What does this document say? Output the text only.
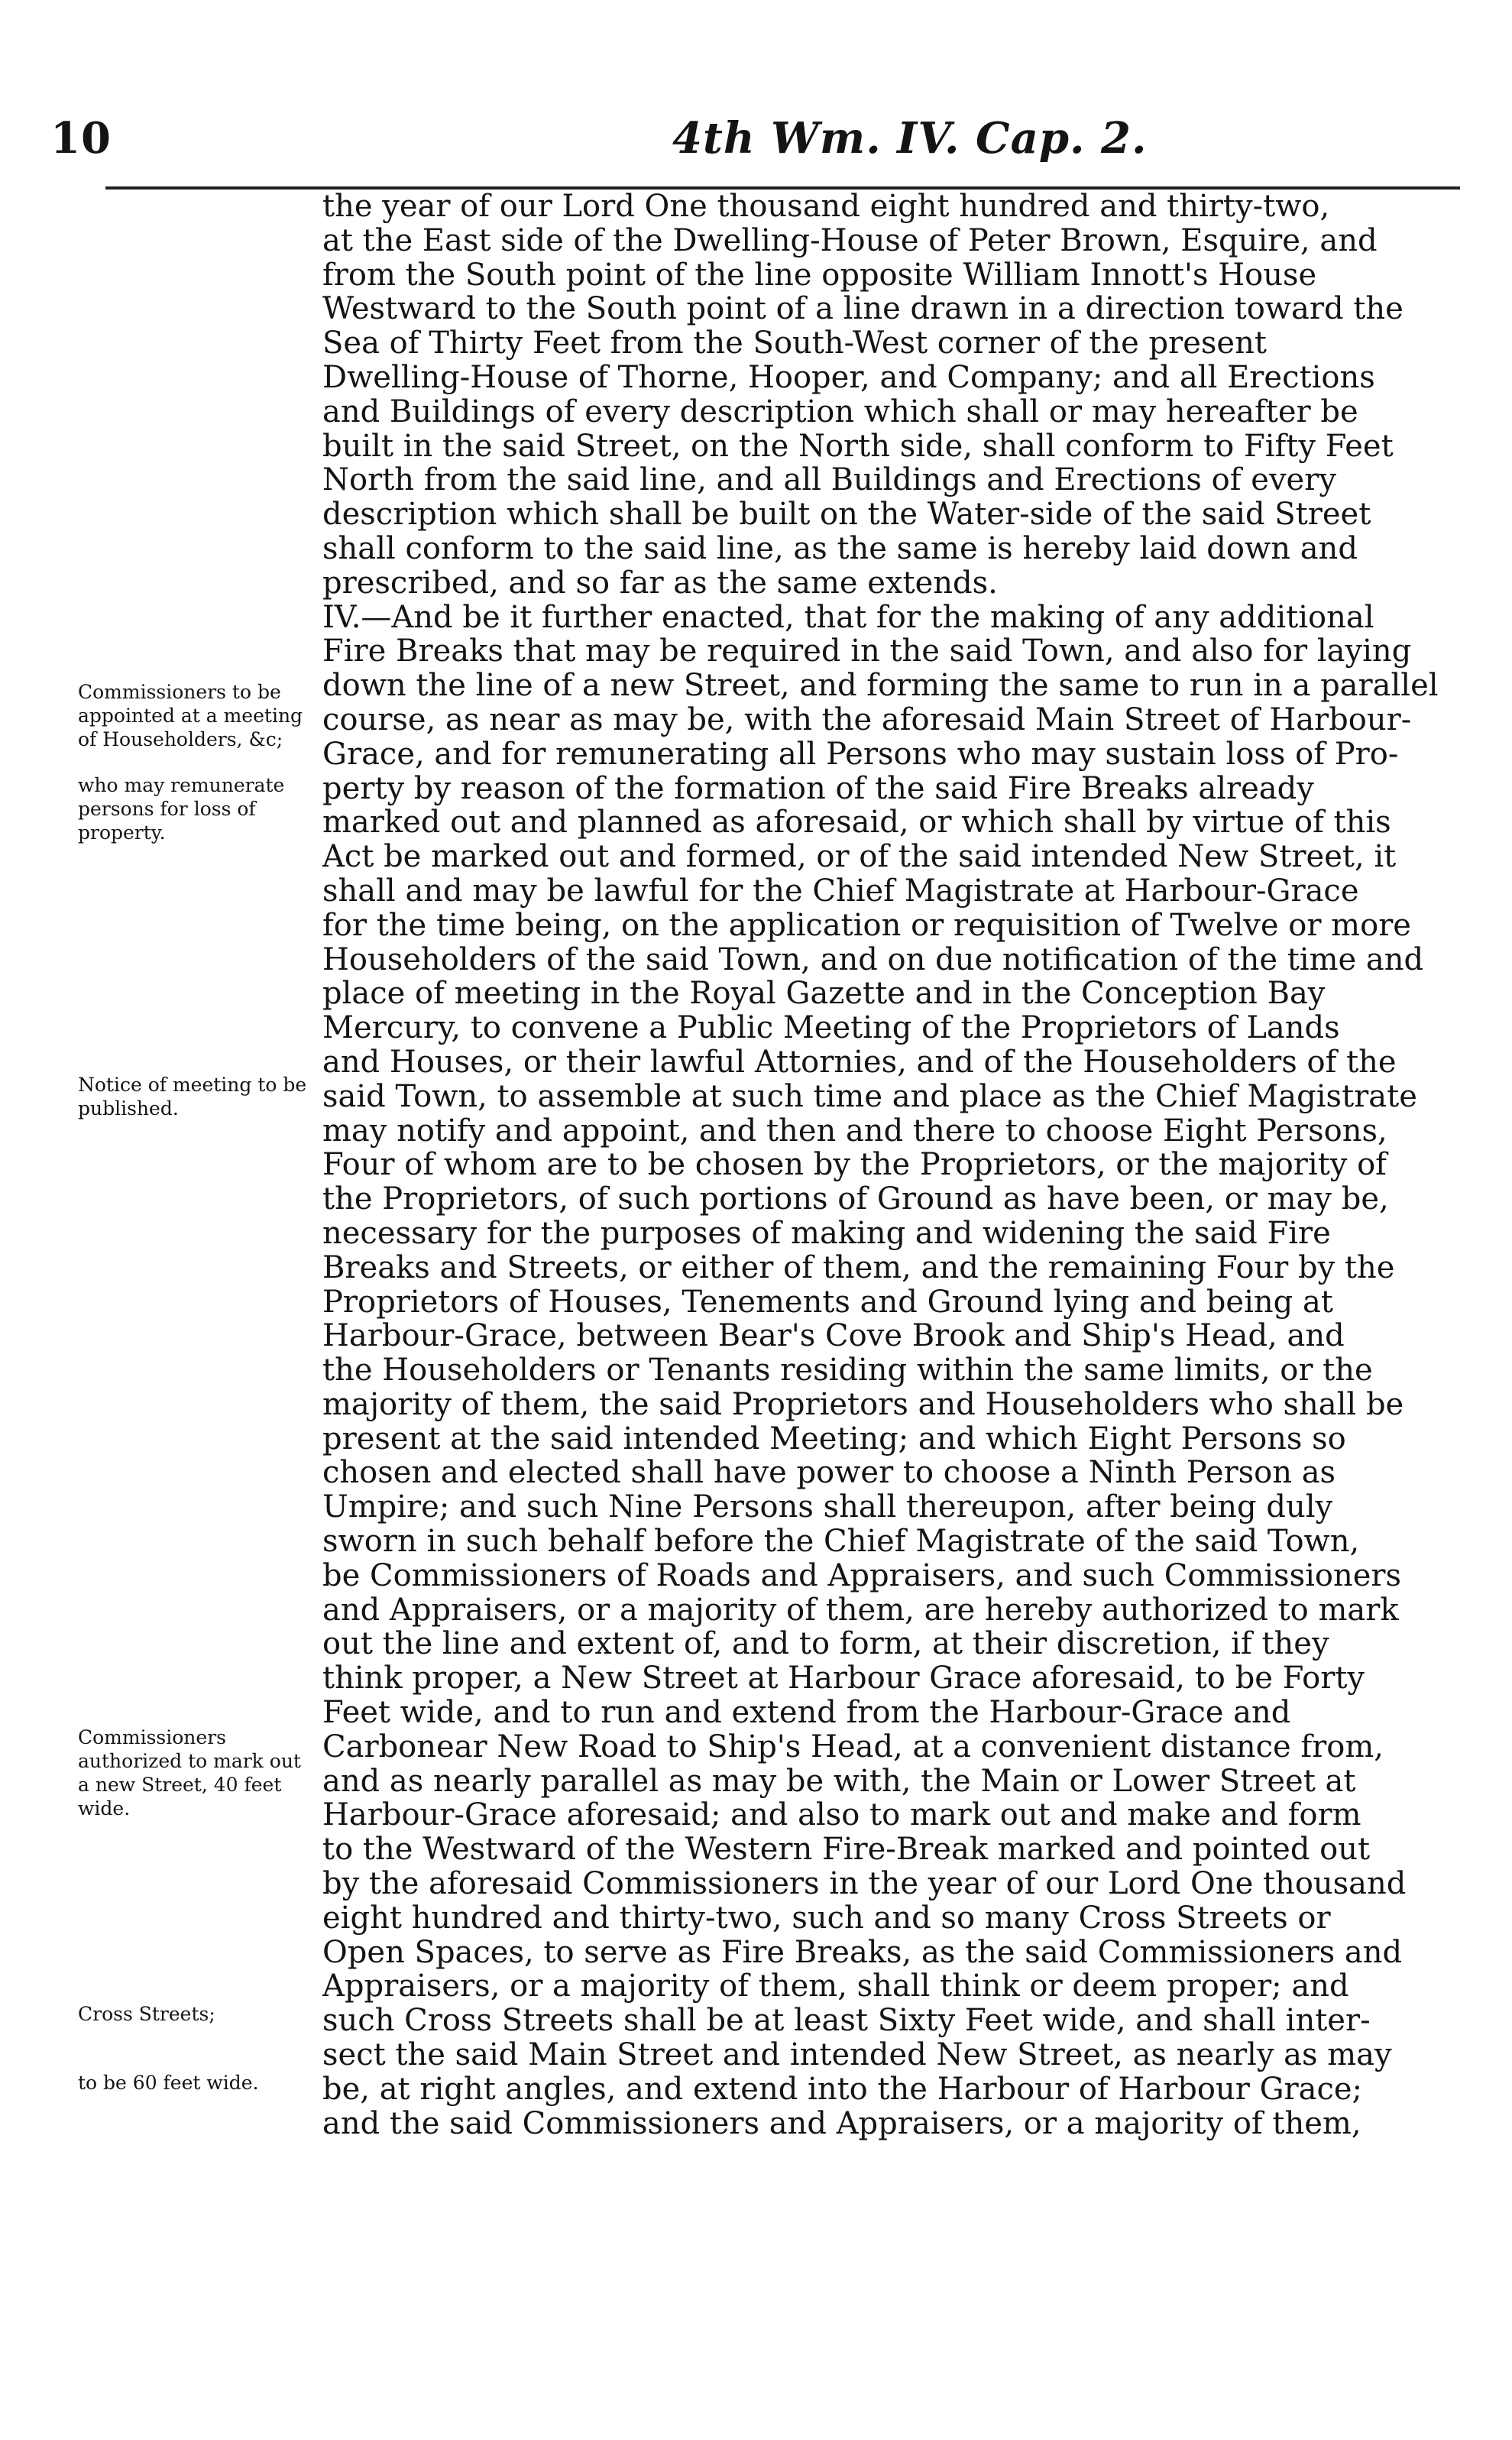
10	4th Wm. IV. Cap. 2.
Commissioners to be appointed at a meeting of Householders, &c;
who may remunerate persons for loss of property.
Notice of meeting to be published.
Commissioners authorized to mark out a new Street, 40 feet wide.
Cross Streets;
to be 60 feet wide.
the year of our Lord One thousand eight hundred and thirty-two,
at the East side of the Dwelling-House of Peter Brown, Esquire, and
from the South point of the line opposite William Innott's House
Westward to the South point of a line drawn in a direction toward the
Sea of Thirty Feet from the South-West corner of the present
Dwelling-House of Thorne, Hooper, and Company; and all Erections
and Buildings of every description which shall or may hereafter be
built in the said Street, on the North side, shall conform to Fifty Feet
North from the said line, and all Buildings and Erections of every
description which shall be built on the Water-side of the said Street
shall conform to the said line, as the same is hereby laid down and
prescribed, and so far as the same extends.
IV.—And be it further enacted, that for the making of any additional
Fire Breaks that may be required in the said Town, and also for laying
down the line of a new Street, and forming the same to run in a parallel
course, as near as may be, with the aforesaid Main Street of Harbour-
Grace, and for remunerating all Persons who may sustain loss of Pro-
perty by reason of the formation of the said Fire Breaks already
marked out and planned as aforesaid, or which shall by virtue of this
Act be marked out and formed, or of the said intended New Street, it
shall and may be lawful for the Chief Magistrate at Harbour-Grace
for the time being, on the application or requisition of Twelve or more
Householders of the said Town, and on due notification of the time and
place of meeting in the Royal Gazette and in the Conception Bay
Mercury, to convene a Public Meeting of the Proprietors of Lands
and Houses, or their lawful Attornies, and of the Householders of the
said Town, to assemble at such time and place as the Chief Magistrate
may notify and appoint, and then and there to choose Eight Persons,
Four of whom are to be chosen by the Proprietors, or the majority of
the Proprietors, of such portions of Ground as have been, or may be,
necessary for the purposes of making and widening the said Fire
Breaks and Streets, or either of them, and the remaining Four by the
Proprietors of Houses, Tenements and Ground lying and being at
Harbour-Grace, between Bear's Cove Brook and Ship's Head, and
the Householders or Tenants residing within the same limits, or the
majority of them, the said Proprietors and Householders who shall be
present at the said intended Meeting; and which Eight Persons so
chosen and elected shall have power to choose a Ninth Person as
Umpire; and such Nine Persons shall thereupon, after being duly
sworn in such behalf before the Chief Magistrate of the said Town,
be Commissioners of Roads and Appraisers, and such Commissioners
and Appraisers, or a majority of them, are hereby authorized to mark
out the line and extent of, and to form, at their discretion, if they
think proper, a New Street at Harbour Grace aforesaid, to be Forty
Feet wide, and to run and extend from the Harbour-Grace and
Carbonear New Road to Ship's Head, at a convenient distance from,
and as nearly parallel as may be with, the Main or Lower Street at
Harbour-Grace aforesaid; and also to mark out and make and form
to the Westward of the Western Fire-Break marked and pointed out
by the aforesaid Commissioners in the year of our Lord One thousand
eight hundred and thirty-two, such and so many Cross Streets or
Open Spaces, to serve as Fire Breaks, as the said Commissioners and
Appraisers, or a majority of them, shall think or deem proper; and
such Cross Streets shall be at least Sixty Feet wide, and shall inter-
sect the said Main Street and intended New Street, as nearly as may
be, at right angles, and extend into the Harbour of Harbour Grace;
and the said Commissioners and Appraisers, or a majority of them,
